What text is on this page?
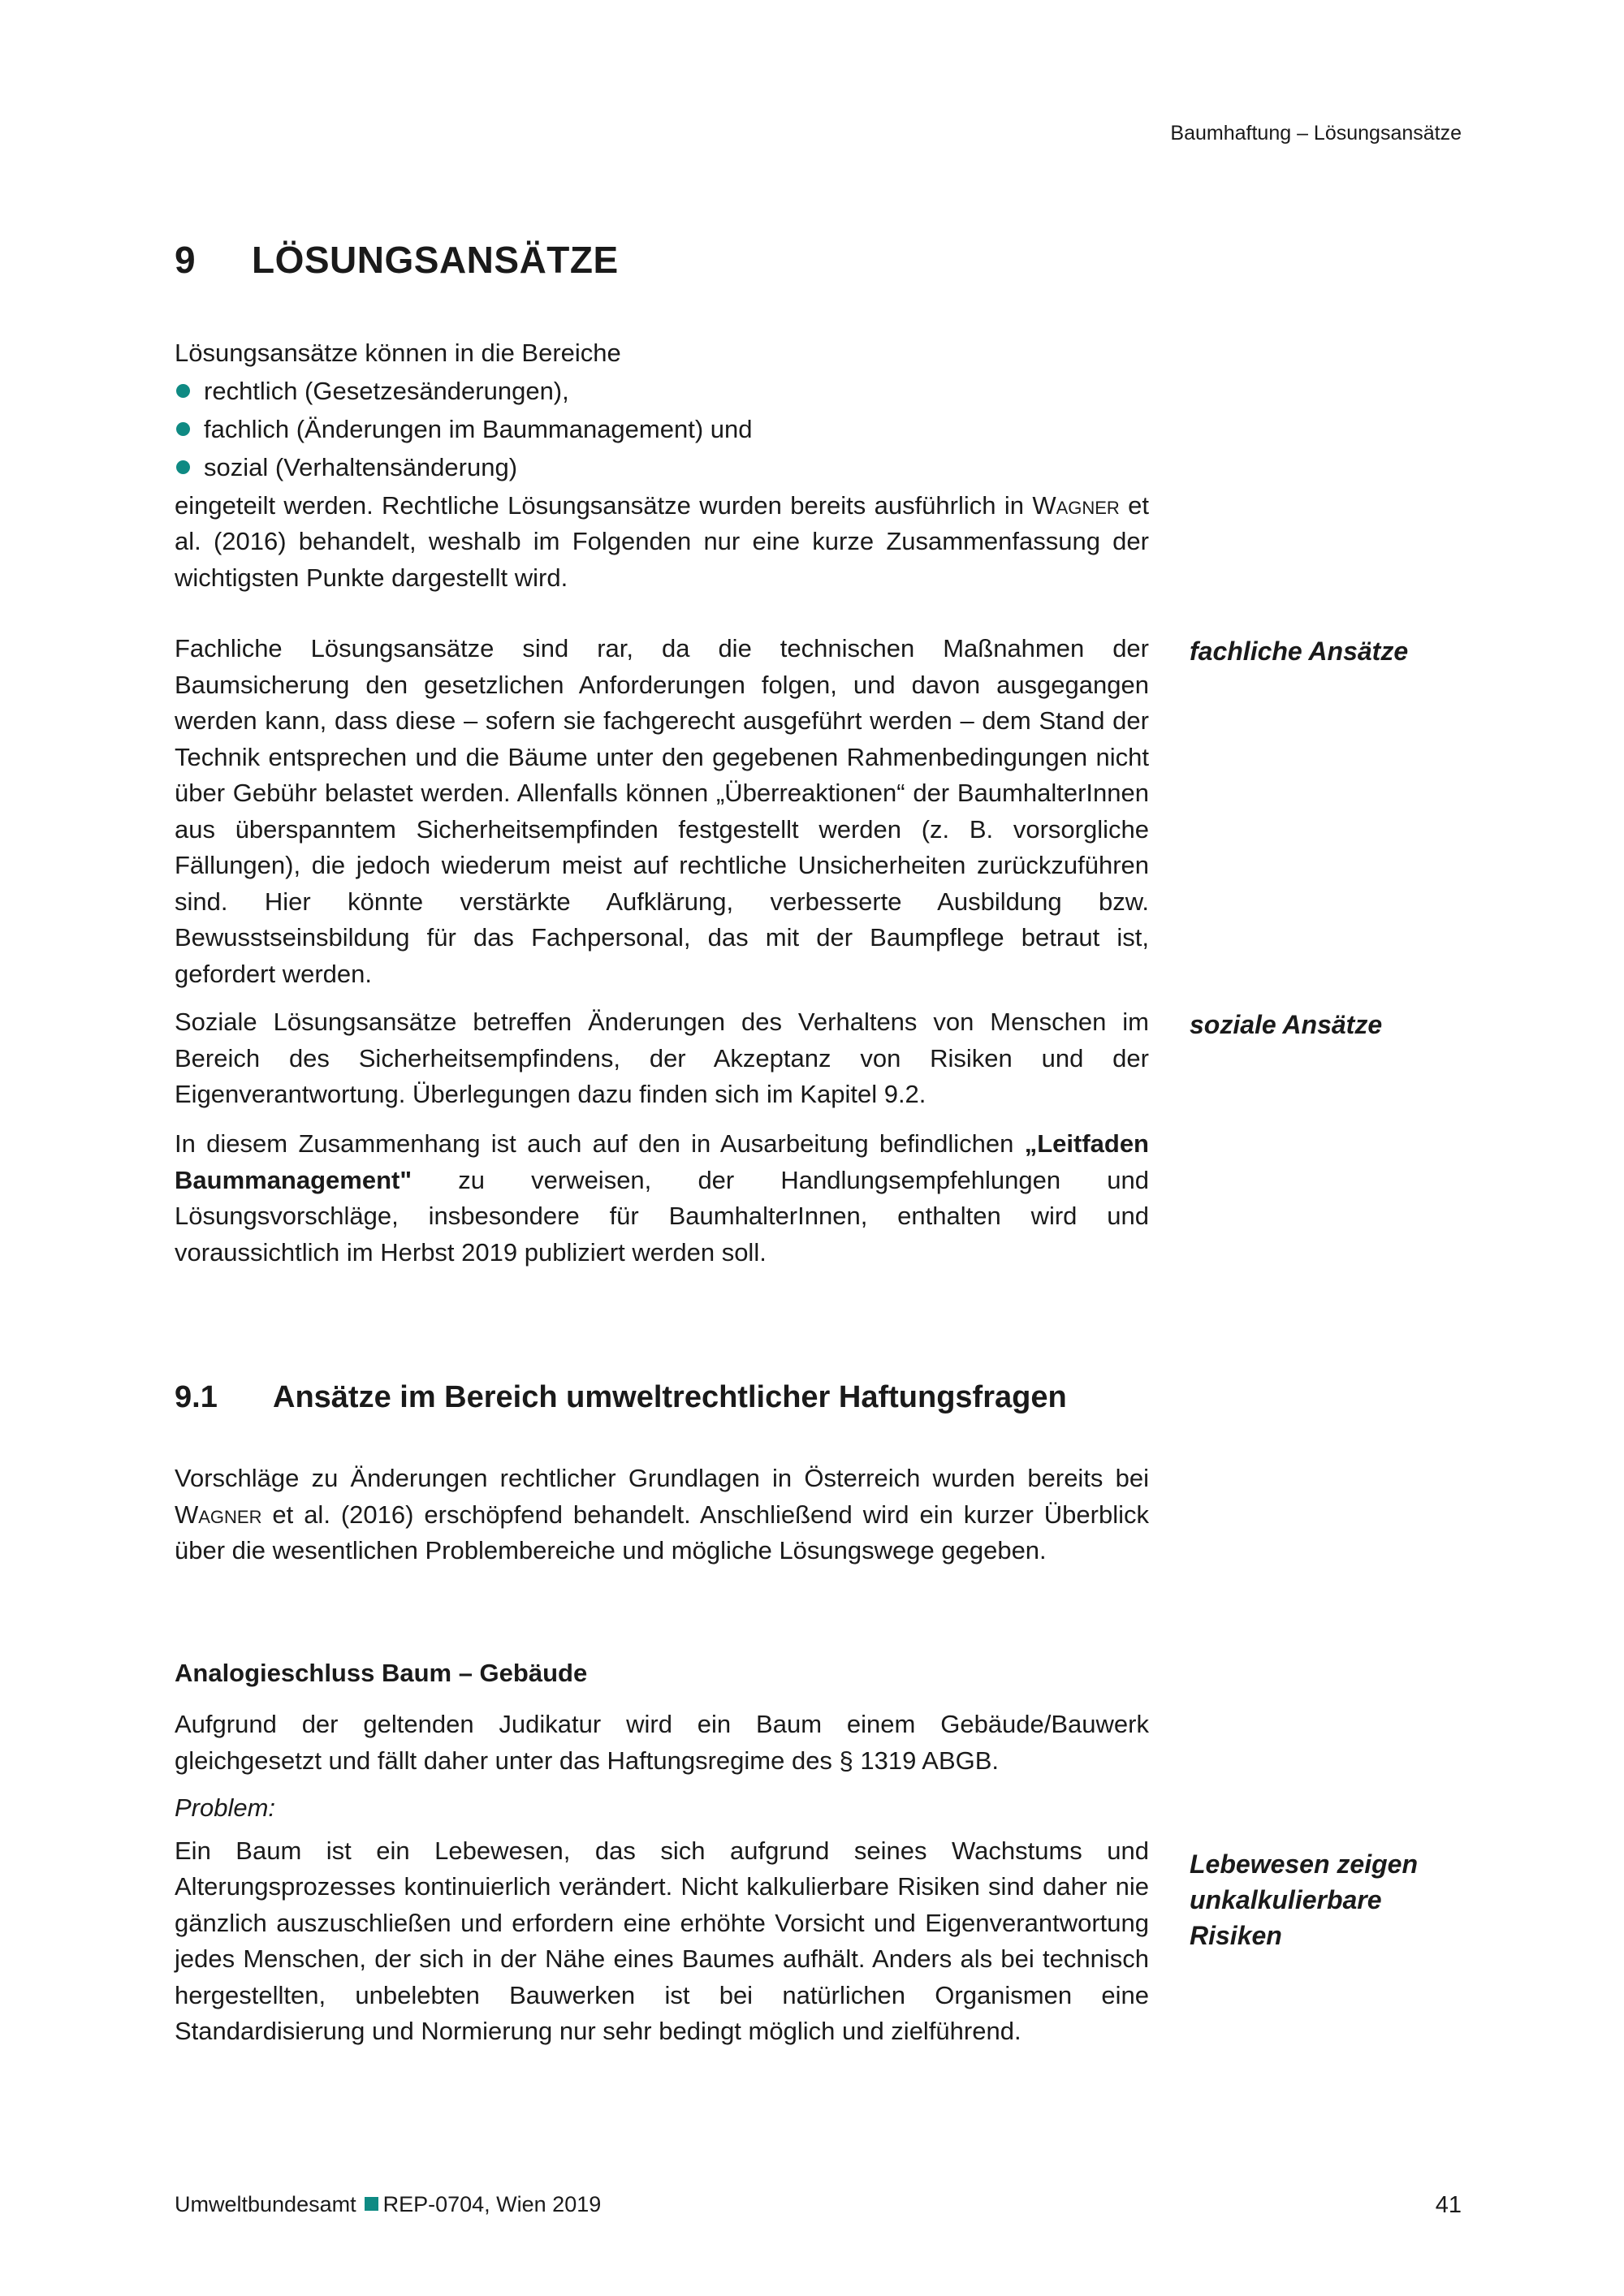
Baumhaftung – Lösungsansätze
9 LÖSUNGSANSÄTZE
Lösungsansätze können in die Bereiche
rechtlich (Gesetzesänderungen),
fachlich (Änderungen im Baummanagement) und
sozial (Verhaltensänderung)
eingeteilt werden. Rechtliche Lösungsansätze wurden bereits ausführlich in Wagner et al. (2016) behandelt, weshalb im Folgenden nur eine kurze Zusammenfassung der wichtigsten Punkte dargestellt wird.
Fachliche Lösungsansätze sind rar, da die technischen Maßnahmen der Baumsicherung den gesetzlichen Anforderungen folgen, und davon ausgegangen werden kann, dass diese – sofern sie fachgerecht ausgeführt werden – dem Stand der Technik entsprechen und die Bäume unter den gegebenen Rahmenbedingungen nicht über Gebühr belastet werden. Allenfalls können „Überreaktionen“ der BaumhalterInnen aus überspanntem Sicherheitsempfinden festgestellt werden (z. B. vorsorgliche Fällungen), die jedoch wiederum meist auf rechtliche Unsicherheiten zurückzuführen sind. Hier könnte verstärkte Aufklärung, verbesserte Ausbildung bzw. Bewusstseinsbildung für das Fachpersonal, das mit der Baumpflege betraut ist, gefordert werden.
fachliche Ansätze
Soziale Lösungsansätze betreffen Änderungen des Verhaltens von Menschen im Bereich des Sicherheitsempfindens, der Akzeptanz von Risiken und der Eigenverantwortung. Überlegungen dazu finden sich im Kapitel 9.2.
soziale Ansätze
In diesem Zusammenhang ist auch auf den in Ausarbeitung befindlichen „Leitfaden Baummanagement" zu verweisen, der Handlungsempfehlungen und Lösungsvorschläge, insbesondere für BaumhalterInnen, enthalten wird und voraussichtlich im Herbst 2019 publiziert werden soll.
9.1 Ansätze im Bereich umweltrechtlicher Haftungsfragen
Vorschläge zu Änderungen rechtlicher Grundlagen in Österreich wurden bereits bei Wagner et al. (2016) erschöpfend behandelt. Anschließend wird ein kurzer Überblick über die wesentlichen Problembereiche und mögliche Lösungswege gegeben.
Analogieschluss Baum – Gebäude
Aufgrund der geltenden Judikatur wird ein Baum einem Gebäude/Bauwerk gleichgesetzt und fällt daher unter das Haftungsregime des § 1319 ABGB.
Problem:
Ein Baum ist ein Lebewesen, das sich aufgrund seines Wachstums und Alterungsprozesses kontinuierlich verändert. Nicht kalkulierbare Risiken sind daher nie gänzlich auszuschließen und erfordern eine erhöhte Vorsicht und Eigenverantwortung jedes Menschen, der sich in der Nähe eines Baumes aufhält. Anders als bei technisch hergestellten, unbelebten Bauwerken ist bei natürlichen Organismen eine Standardisierung und Normierung nur sehr bedingt möglich und zielführend.
Lebewesen zeigen
unkalkulierbare
Risiken
Umweltbundesamt REP-0704, Wien 2019	41
